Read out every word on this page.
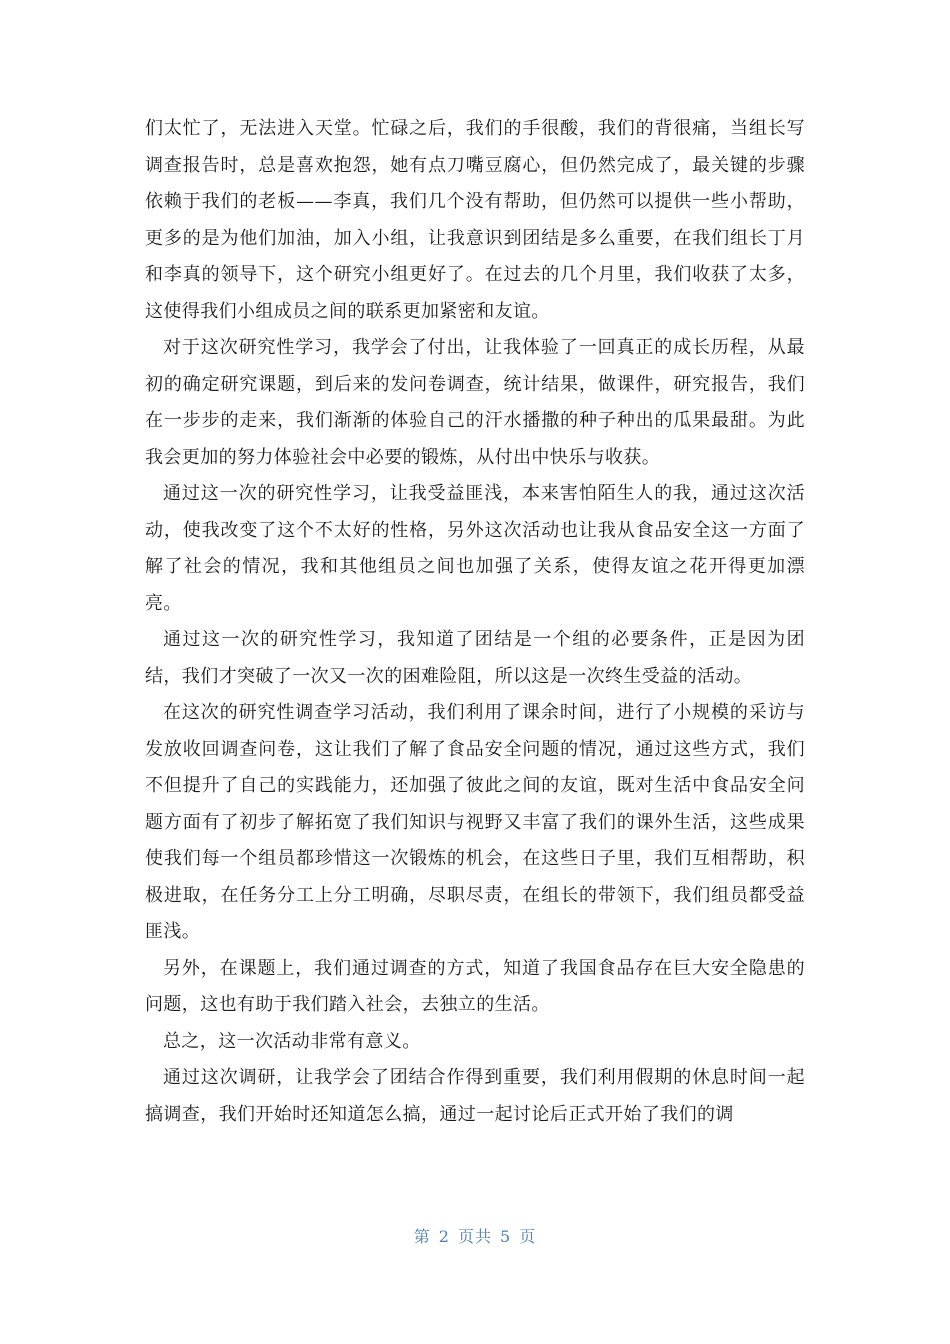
们太忙了，无法进入天堂。忙碌之后，我们的手很酸，我们的背很痛，当组长写调查报告时，总是喜欢抱怨，她有点刀嘴豆腐心，但仍然完成了，最关键的步骤依赖于我们的老板——李真，我们几个没有帮助，但仍然可以提供一些小帮助，更多的是为他们加油，加入小组，让我意识到团结是多么重要，在我们组长丁月和李真的领导下，这个研究小组更好了。在过去的几个月里，我们收获了太多，这使得我们小组成员之间的联系更加紧密和友谊。

对于这次研究性学习，我学会了付出，让我体验了一回真正的成长历程，从最初的确定研究课题，到后来的发问卷调查，统计结果，做课件，研究报告，我们在一步步的走来，我们渐渐的体验自己的汗水播撒的种子种出的瓜果最甜。为此我会更加的努力体验社会中必要的锻炼，从付出中快乐与收获。

通过这一次的研究性学习，让我受益匪浅，本来害怕陌生人的我，通过这次活动，使我改变了这个不太好的性格，另外这次活动也让我从食品安全这一方面了解了社会的情况，我和其他组员之间也加强了关系，使得友谊之花开得更加漂亮。

通过这一次的研究性学习，我知道了团结是一个组的必要条件，正是因为团结，我们才突破了一次又一次的困难险阻，所以这是一次终生受益的活动。

在这次的研究性调查学习活动，我们利用了课余时间，进行了小规模的采访与发放收回调查问卷，这让我们了解了食品安全问题的情况，通过这些方式，我们不但提升了自己的实践能力，还加强了彼此之间的友谊，既对生活中食品安全问题方面有了初步了解拓宽了我们知识与视野又丰富了我们的课外生活，这些成果使我们每一个组员都珍惜这一次锻炼的机会，在这些日子里，我们互相帮助，积极进取，在任务分工上分工明确，尽职尽责，在组长的带领下，我们组员都受益匪浅。

另外，在课题上，我们通过调查的方式，知道了我国食品存在巨大安全隐患的问题，这也有助于我们踏入社会，去独立的生活。

总之，这一次活动非常有意义。

通过这次调研，让我学会了团结合作得到重要，我们利用假期的休息时间一起搞调查，我们开始时还知道怎么搞，通过一起讨论后正式开始了我们的调

第 2 页共 5 页
